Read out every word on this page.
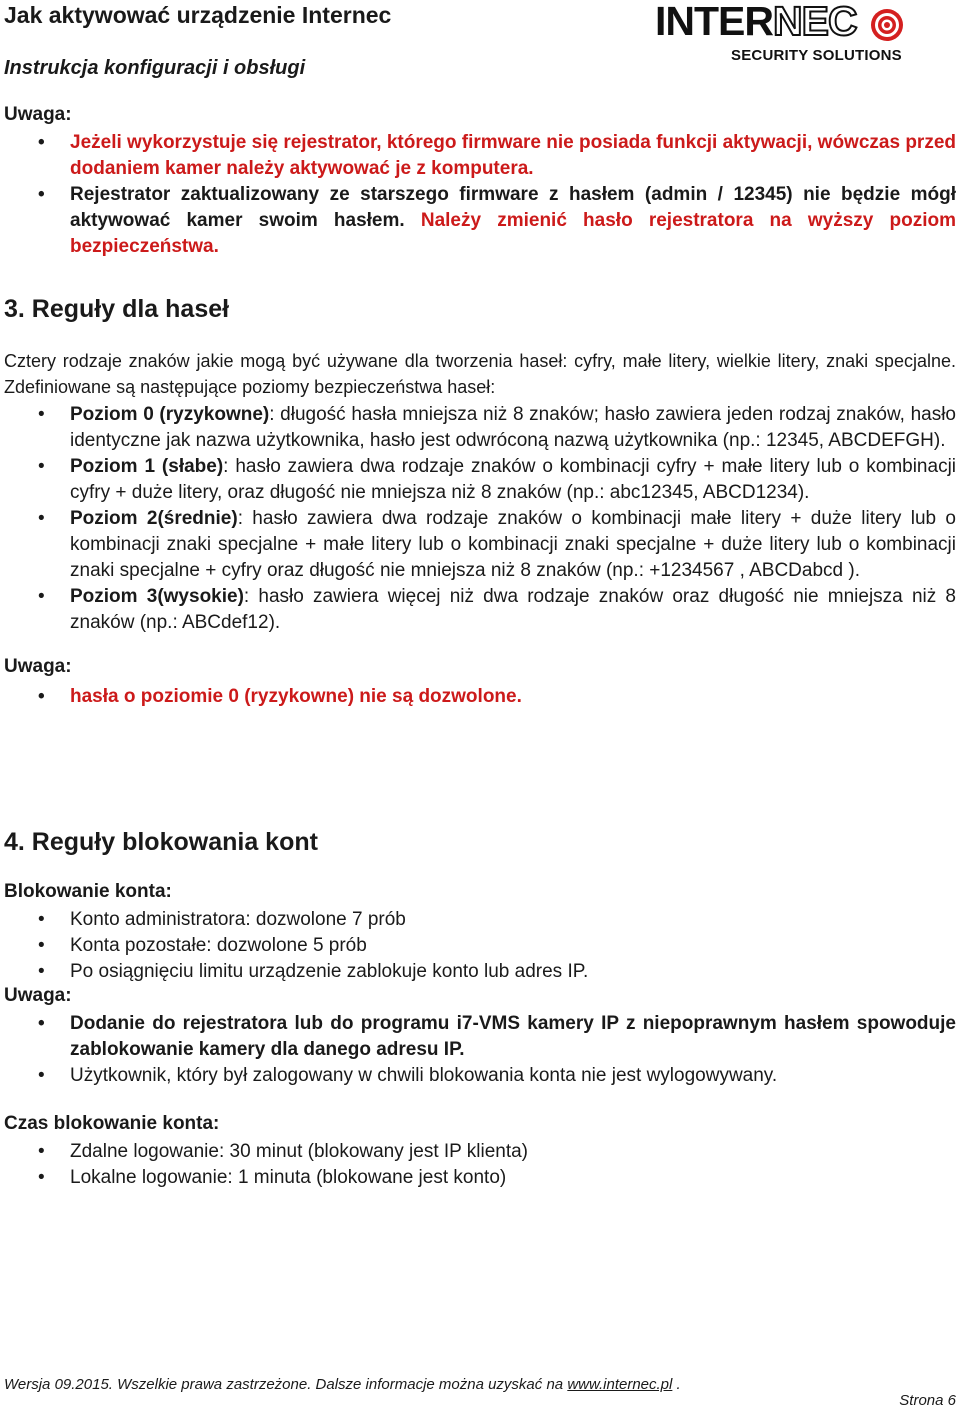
Jak aktywować urządzenie Internec
Instrukcja konfiguracji i obsługi
INTERNEC
SECURITY SOLUTIONS
Uwaga:
• Jeżeli wykorzystuje się rejestrator, którego firmware nie posiada funkcji aktywacji, wówczas przed dodaniem kamer należy aktywować je z komputera.
• Rejestrator zaktualizowany ze starszego firmware z hasłem (admin / 12345) nie będzie mógł aktywować kamer swoim hasłem. Należy zmienić hasło rejestratora na wyższy poziom bezpieczeństwa.
3. Reguły dla haseł
Cztery rodzaje znaków jakie mogą być używane dla tworzenia haseł: cyfry, małe litery, wielkie litery, znaki specjalne. Zdefiniowane są następujące poziomy bezpieczeństwa haseł:
• Poziom 0 (ryzykowne): długość hasła mniejsza niż 8 znaków; hasło zawiera jeden rodzaj znaków, hasło identyczne jak nazwa użytkownika, hasło jest odwróconą nazwą użytkownika (np.: 12345, ABCDEFGH).
• Poziom 1 (słabe): hasło zawiera dwa rodzaje znaków o kombinacji cyfry + małe litery lub o kombinacji cyfry + duże litery, oraz długość nie mniejsza niż 8 znaków (np.: abc12345, ABCD1234).
• Poziom 2(średnie): hasło zawiera dwa rodzaje znaków o kombinacji małe litery + duże litery lub o kombinacji znaki specjalne + małe litery lub o kombinacji znaki specjalne + duże litery lub o kombinacji znaki specjalne + cyfry oraz długość nie mniejsza niż 8 znaków (np.: +1234567 , ABCDabcd ).
• Poziom 3(wysokie): hasło zawiera więcej niż dwa rodzaje znaków oraz długość nie mniejsza niż 8 znaków (np.: ABCdef12).
Uwaga:
• hasła o poziomie 0 (ryzykowne) nie są dozwolone.
4. Reguły blokowania kont
Blokowanie konta:
• Konto administratora: dozwolone 7 prób
• Konta pozostałe: dozwolone 5 prób
• Po osiągnięciu limitu urządzenie zablokuje konto lub adres IP.
Uwaga:
• Dodanie do rejestratora lub do programu i7-VMS kamery IP z niepoprawnym hasłem spowoduje zablokowanie kamery dla danego adresu IP.
• Użytkownik, który był zalogowany w chwili blokowania konta nie jest wylogowywany.
Czas blokowanie konta:
• Zdalne logowanie: 30 minut (blokowany jest IP klienta)
• Lokalne logowanie: 1 minuta (blokowane jest konto)
Wersja 09.2015. Wszelkie prawa zastrzeżone. Dalsze informacje można uzyskać na www.internec.pl .
Strona 6
